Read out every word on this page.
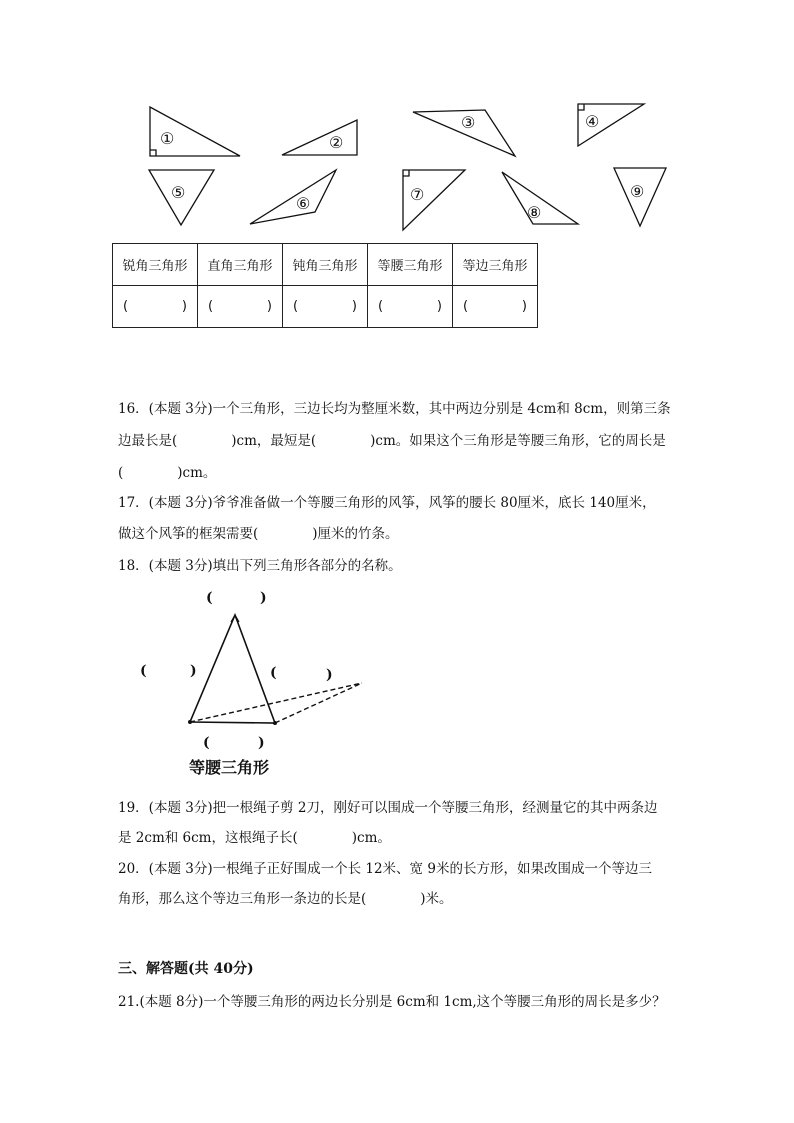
①	②
③	④
⑤
⑥	⑦
⑧
⑨
锐角三角形	直角三角形	钝角三角形	等腰三角形	等边三角形

( )	( )	( )	( )	( )
16．(本题 3分)一个三角形，三边长均为整厘米数，其中两边分别是 4cm和 8cm，则第三条
边最长是(　　　　)cm，最短是(　　　　)cm。如果这个三角形是等腰三角形，它的周长是
(　　　　)cm。
17．(本题 3分)爷爷准备做一个等腰三角形的风筝，风筝的腰长 80厘米，底长 140厘米，
做这个风筝的框架需要(　　　　)厘米的竹条。
18．(本题 3分)填出下列三角形各部分的名称。
(	)
(	)	(	)
(	)
等腰三角形
19．(本题 3分)把一根绳子剪 2刀，刚好可以围成一个等腰三角形，经测量它的其中两条边
是 2cm和 6cm，这根绳子长(　　　　)cm。
20．(本题 3分)一根绳子正好围成一个长 12米、宽 9米的长方形，如果改围成一个等边三
角形，那么这个等边三角形一条边的长是(　　　　)米。
三、解答题(共 40分)
21.(本题 8分)一个等腰三角形的两边长分别是 6cm和 1cm,这个等腰三角形的周长是多少？
